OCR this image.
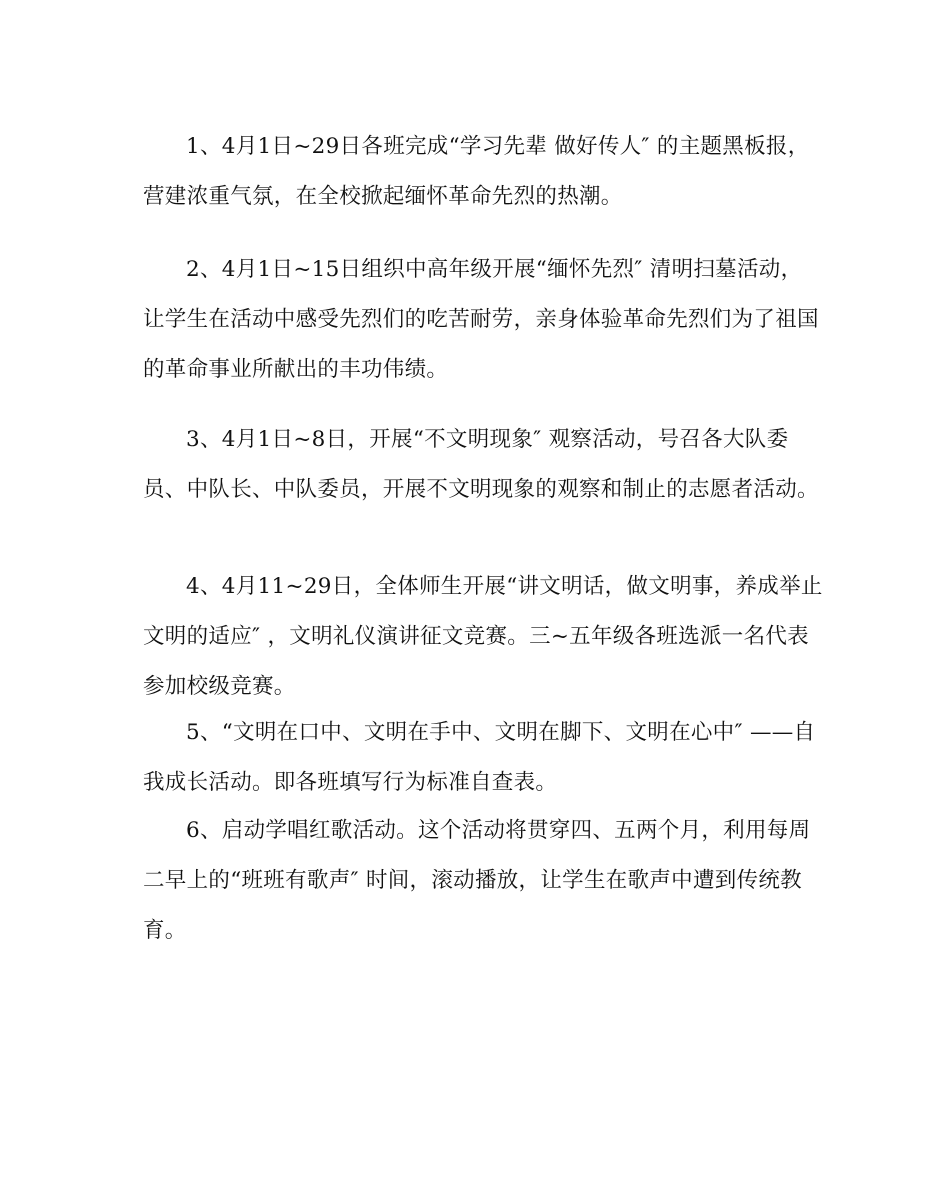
1、4月1日~29日各班完成“学习先辈 做好传人″ 的主题黑板报，营建浓重气氛，在全校掀起缅怀革命先烈的热潮。

2、4月1日~15日组织中高年级开展“缅怀先烈″ 清明扫墓活动，让学生在活动中感受先烈们的吃苦耐劳，亲身体验革命先烈们为了祖国的革命事业所献出的丰功伟绩。

3、4月1日~8日，开展“不文明现象″ 观察活动，号召各大队委员、中队长、中队委员，开展不文明现象的观察和制止的志愿者活动。

4、4月11~29日，全体师生开展“讲文明话，做文明事，养成举止文明的适应″ ，文明礼仪演讲征文竞赛。三~五年级各班选派一名代表参加校级竞赛。

5、“文明在口中、文明在手中、文明在脚下、文明在心中″ ——自我成长活动。即各班填写行为标准自查表。

6、启动学唱红歌活动。这个活动将贯穿四、五两个月，利用每周二早上的“班班有歌声″ 时间，滚动播放，让学生在歌声中遭到传统教育。
